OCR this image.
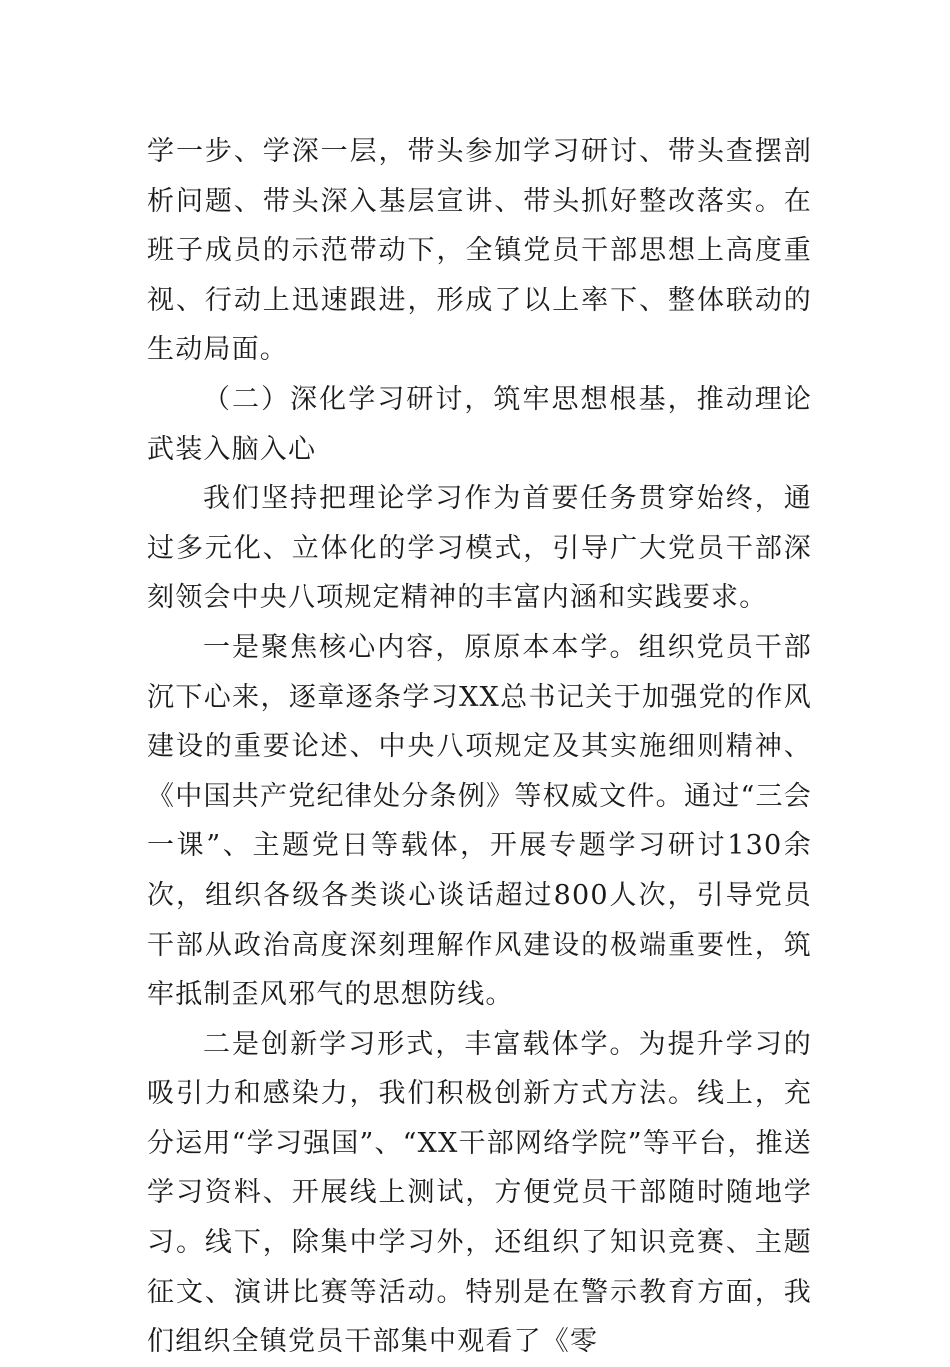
学一步、学深一层，带头参加学习研讨、带头查摆剖析问题、带头深入基层宣讲、带头抓好整改落实。在班子成员的示范带动下，全镇党员干部思想上高度重视、行动上迅速跟进，形成了以上率下、整体联动的生动局面。

（二）深化学习研讨，筑牢思想根基，推动理论武装入脑入心

我们坚持把理论学习作为首要任务贯穿始终，通过多元化、立体化的学习模式，引导广大党员干部深刻领会中央八项规定精神的丰富内涵和实践要求。

一是聚焦核心内容，原原本本学。组织党员干部沉下心来，逐章逐条学习XX总书记关于加强党的作风建设的重要论述、中央八项规定及其实施细则精神、《中国共产党纪律处分条例》等权威文件。通过“三会一课”、主题党日等载体，开展专题学习研讨130余次，组织各级各类谈心谈话超过800人次，引导党员干部从政治高度深刻理解作风建设的极端重要性，筑牢抵制歪风邪气的思想防线。

二是创新学习形式，丰富载体学。为提升学习的吸引力和感染力，我们积极创新方式方法。线上，充分运用“学习强国”、“XX干部网络学院”等平台，推送学习资料、开展线上测试，方便党员干部随时随地学习。线下，除集中学习外，还组织了知识竞赛、主题征文、演讲比赛等活动。特别是在警示教育方面，我们组织全镇党员干部集中观看了《零
